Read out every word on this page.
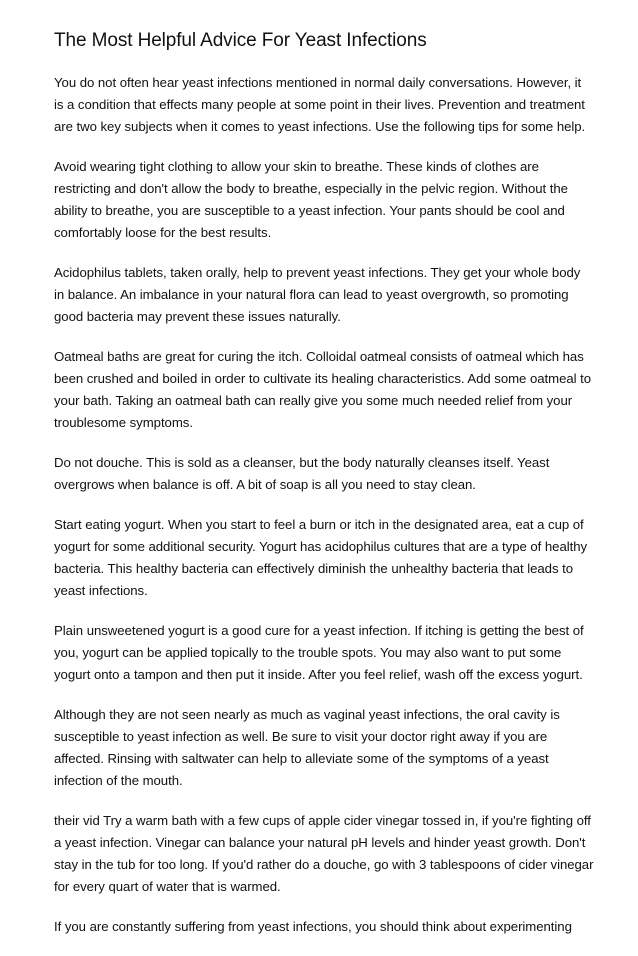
The Most Helpful Advice For Yeast Infections

You do not often hear yeast infections mentioned in normal daily conversations. However, it is a condition that effects many people at some point in their lives. Prevention and treatment are two key subjects when it comes to yeast infections. Use the following tips for some help.

Avoid wearing tight clothing to allow your skin to breathe. These kinds of clothes are restricting and don't allow the body to breathe, especially in the pelvic region. Without the ability to breathe, you are susceptible to a yeast infection. Your pants should be cool and comfortably loose for the best results.

Acidophilus tablets, taken orally, help to prevent yeast infections. They get your whole body in balance. An imbalance in your natural flora can lead to yeast overgrowth, so promoting good bacteria may prevent these issues naturally.

Oatmeal baths are great for curing the itch. Colloidal oatmeal consists of oatmeal which has been crushed and boiled in order to cultivate its healing characteristics. Add some oatmeal to your bath. Taking an oatmeal bath can really give you some much needed relief from your troublesome symptoms.

Do not douche. This is sold as a cleanser, but the body naturally cleanses itself. Yeast overgrows when balance is off. A bit of soap is all you need to stay clean.

Start eating yogurt. When you start to feel a burn or itch in the designated area, eat a cup of yogurt for some additional security. Yogurt has acidophilus cultures that are a type of healthy bacteria. This healthy bacteria can effectively diminish the unhealthy bacteria that leads to yeast infections.

Plain unsweetened yogurt is a good cure for a yeast infection. If itching is getting the best of you, yogurt can be applied topically to the trouble spots. You may also want to put some yogurt onto a tampon and then put it inside. After you feel relief, wash off the excess yogurt.

Although they are not seen nearly as much as vaginal yeast infections, the oral cavity is susceptible to yeast infection as well. Be sure to visit your doctor right away if you are affected. Rinsing with saltwater can help to alleviate some of the symptoms of a yeast infection of the mouth.

their vid Try a warm bath with a few cups of apple cider vinegar tossed in, if you're fighting off a yeast infection. Vinegar can balance your natural pH levels and hinder yeast growth. Don't stay in the tub for too long. If you'd rather do a douche, go with 3 tablespoons of cider vinegar for every quart of water that is warmed.

If you are constantly suffering from yeast infections, you should think about experimenting
